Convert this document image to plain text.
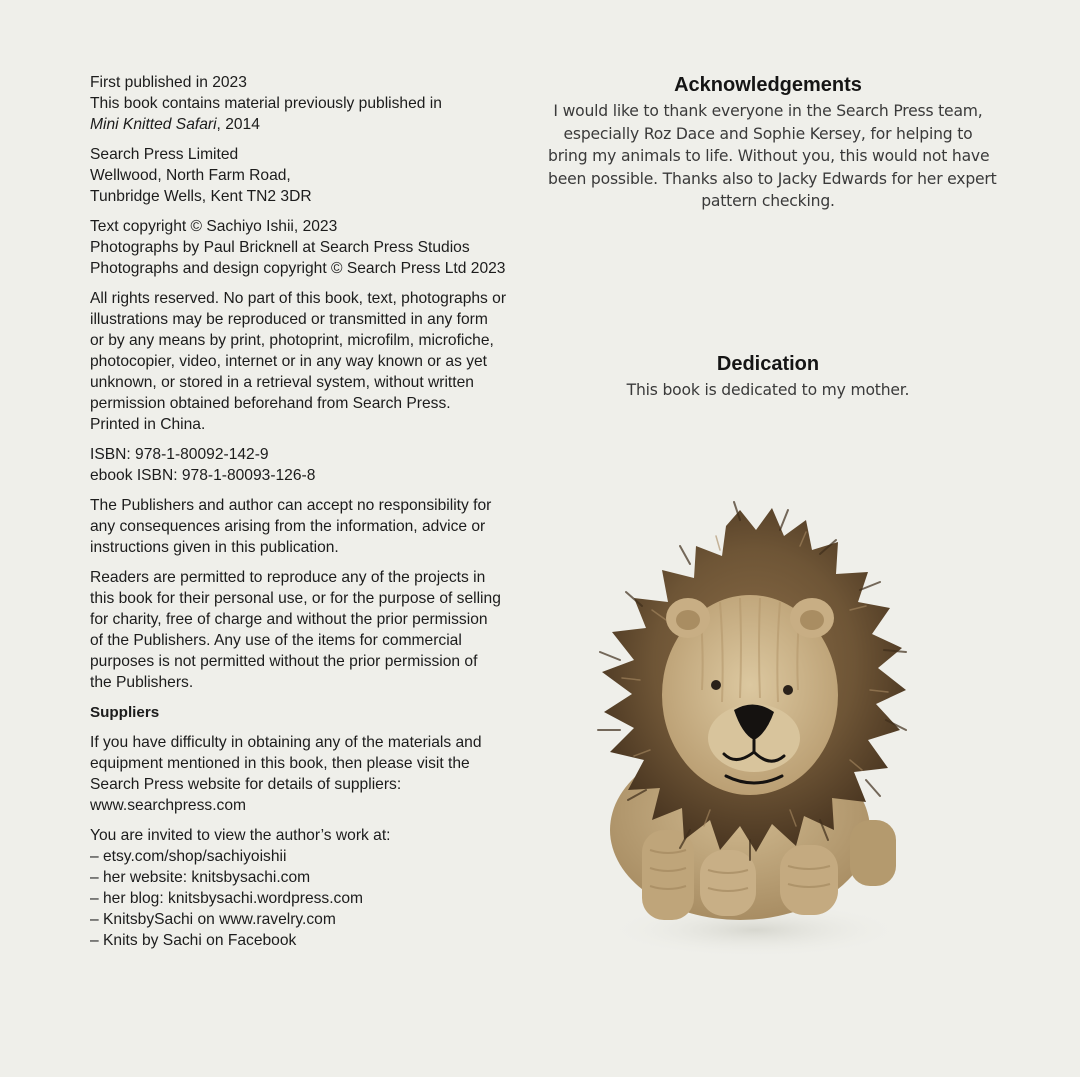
First published in 2023
This book contains material previously published in
Mini Knitted Safari, 2014
Search Press Limited
Wellwood, North Farm Road,
Tunbridge Wells, Kent TN2 3DR
Text copyright © Sachiyo Ishii, 2023
Photographs by Paul Bricknell at Search Press Studios
Photographs and design copyright © Search Press Ltd 2023
All rights reserved. No part of this book, text, photographs or
illustrations may be reproduced or transmitted in any form
or by any means by print, photoprint, microfilm, microfiche,
photocopier, video, internet or in any way known or as yet
unknown, or stored in a retrieval system, without written
permission obtained beforehand from Search Press.
Printed in China.
ISBN: 978-1-80092-142-9
ebook ISBN: 978-1-80093-126-8
The Publishers and author can accept no responsibility for
any consequences arising from the information, advice or
instructions given in this publication.
Readers are permitted to reproduce any of the projects in
this book for their personal use, or for the purpose of selling
for charity, free of charge and without the prior permission
of the Publishers. Any use of the items for commercial
purposes is not permitted without the prior permission of
the Publishers.
Suppliers
If you have difficulty in obtaining any of the materials and
equipment mentioned in this book, then please visit the
Search Press website for details of suppliers:
www.searchpress.com
You are invited to view the author’s work at:
– etsy.com/shop/sachiyoishii
– her website: knitsbysachi.com
– her blog: knitsbysachi.wordpress.com
– KnitsbySachi on www.ravelry.com
– Knits by Sachi on Facebook
Acknowledgements

I would like to thank everyone in the Search Press team,
especially Roz Dace and Sophie Kersey, for helping to
bring my animals to life. Without you, this would not have
been possible. Thanks also to Jacky Edwards for her expert
pattern checking.

Dedication

This book is dedicated to my mother.
